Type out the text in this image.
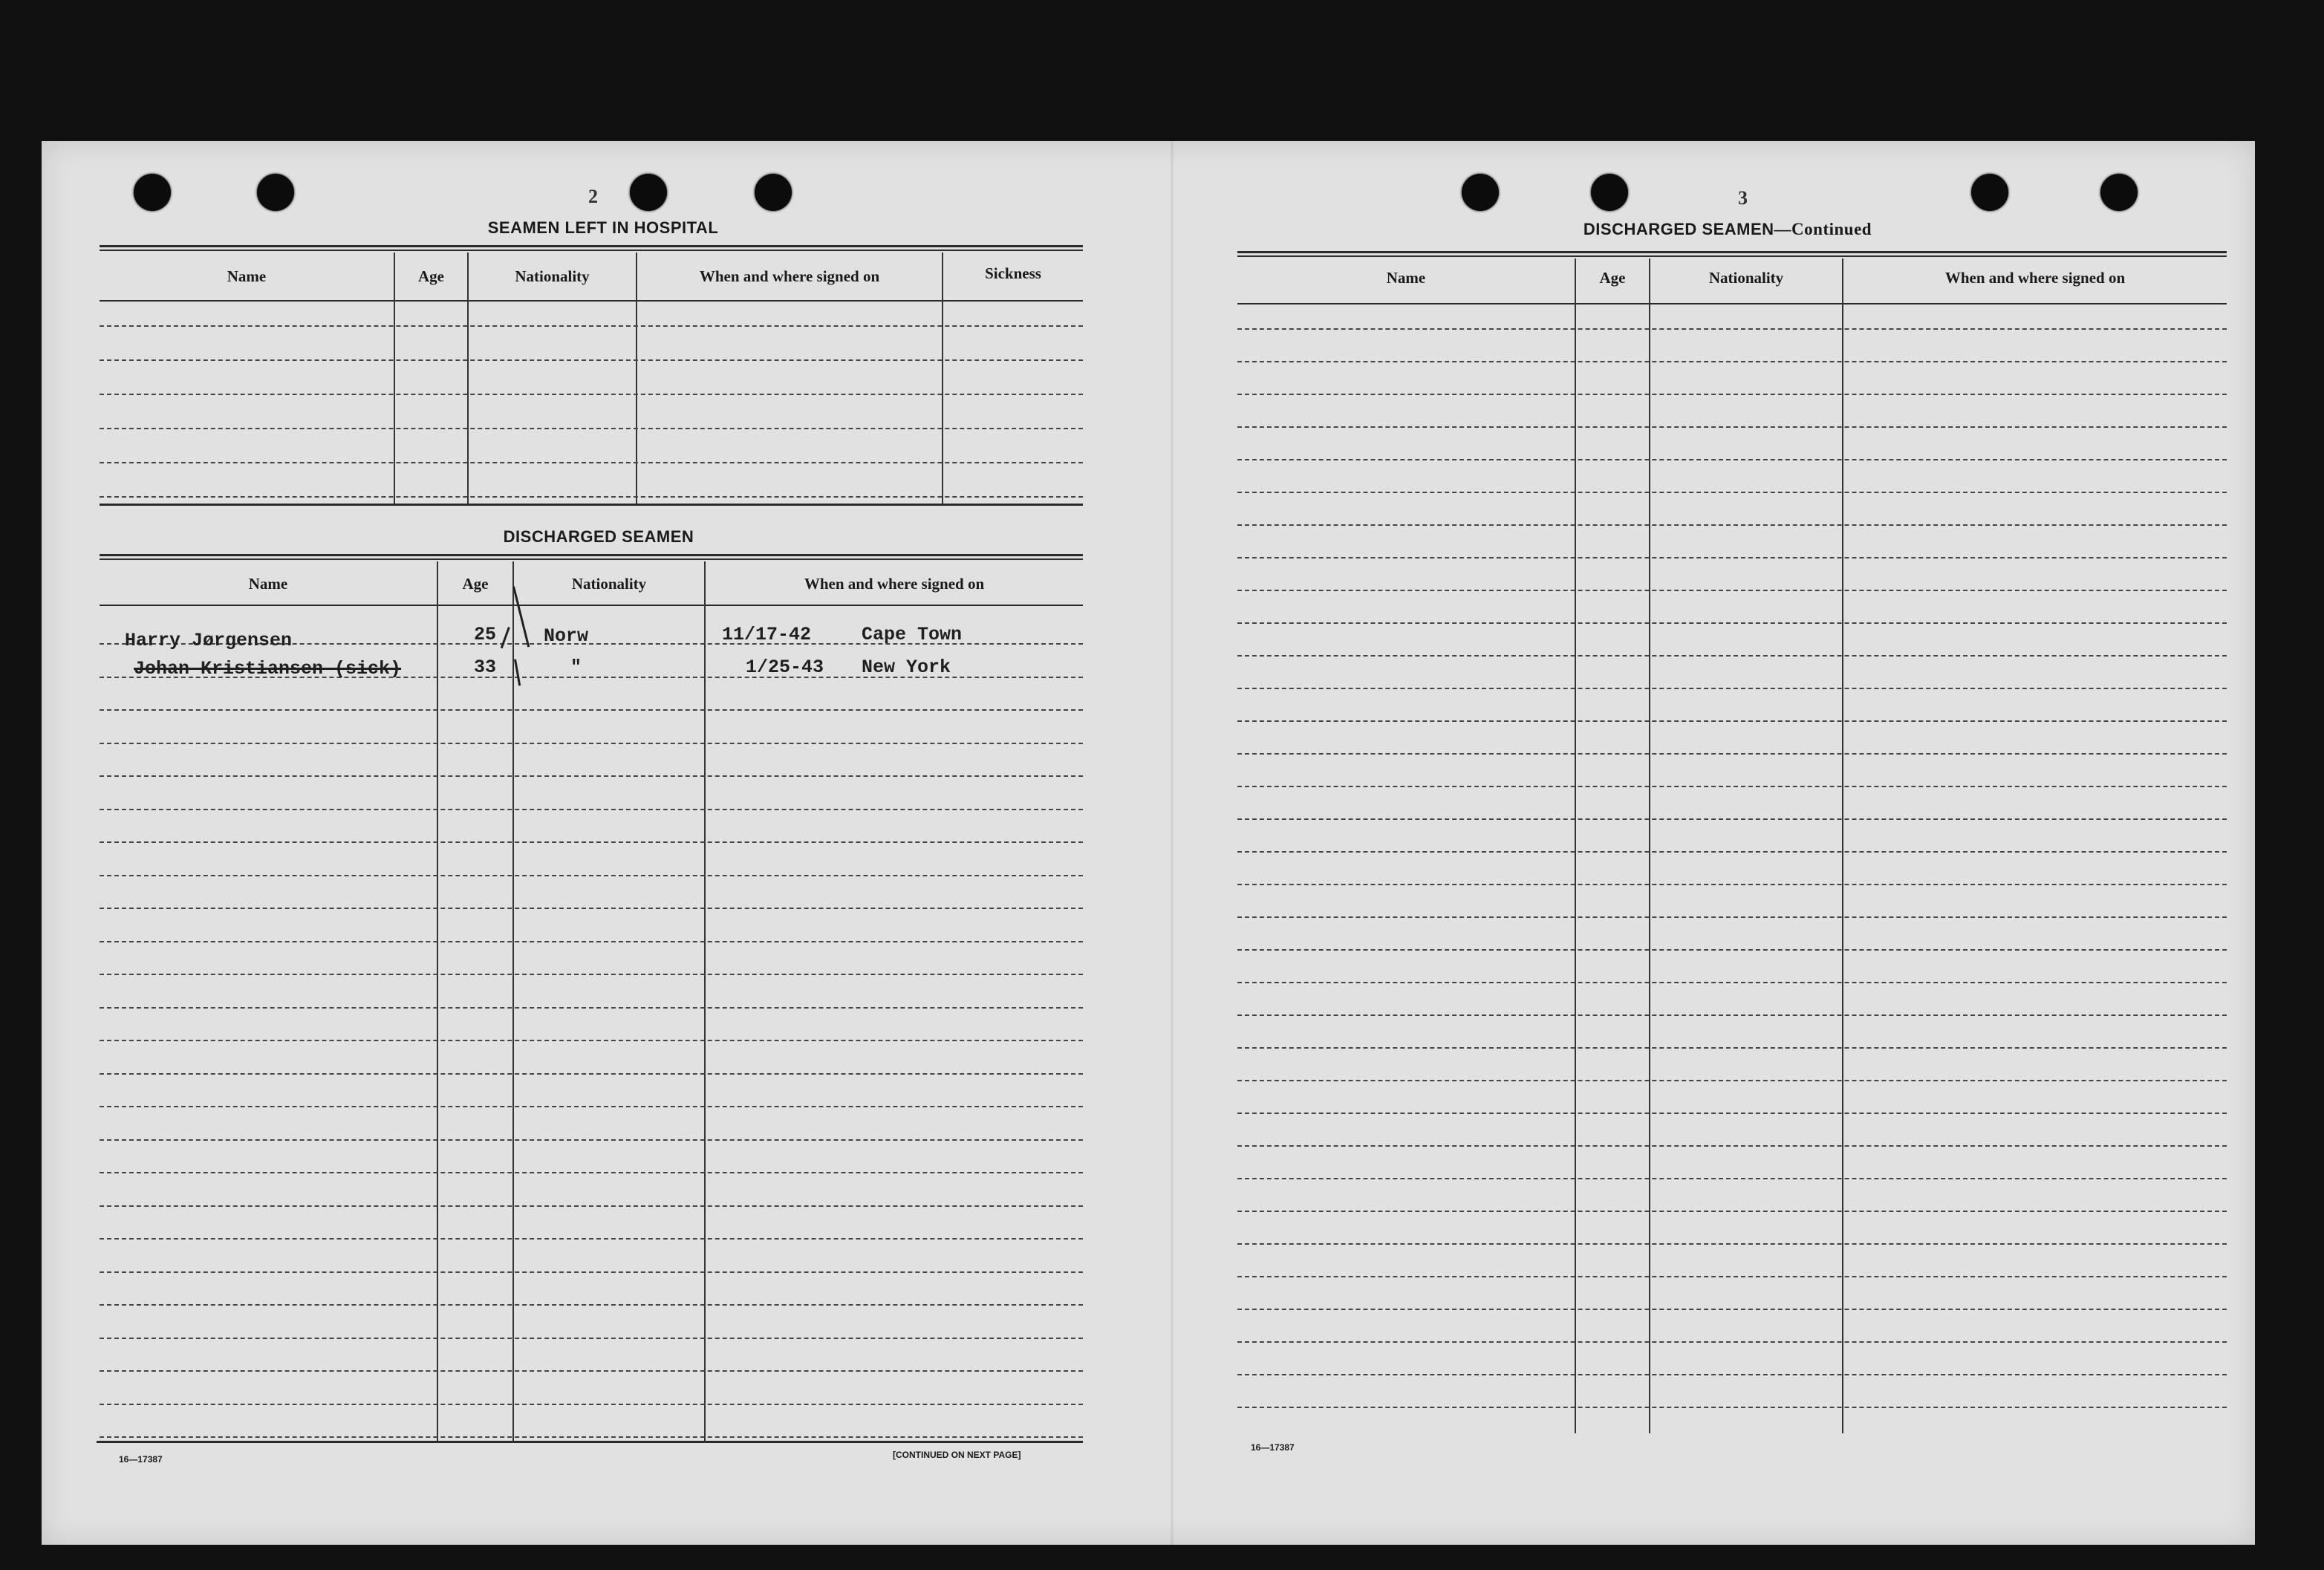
2
SEAMEN LEFT IN HOSPITAL
Name	Age	Nationality	When and where signed on	Sickness
DISCHARGED SEAMEN
Name	Age	Nationality	When and where signed on
Harry Jørgensen	25	Norw	11/17-42	Cape Town
Johan Kristiansen (sick)	33	"	1/25-43 New York
16—17387	[CONTINUED ON NEXT PAGE]
3
DISCHARGED SEAMEN—Continued
Name	Age	Nationality	When and where signed on
16—17387
